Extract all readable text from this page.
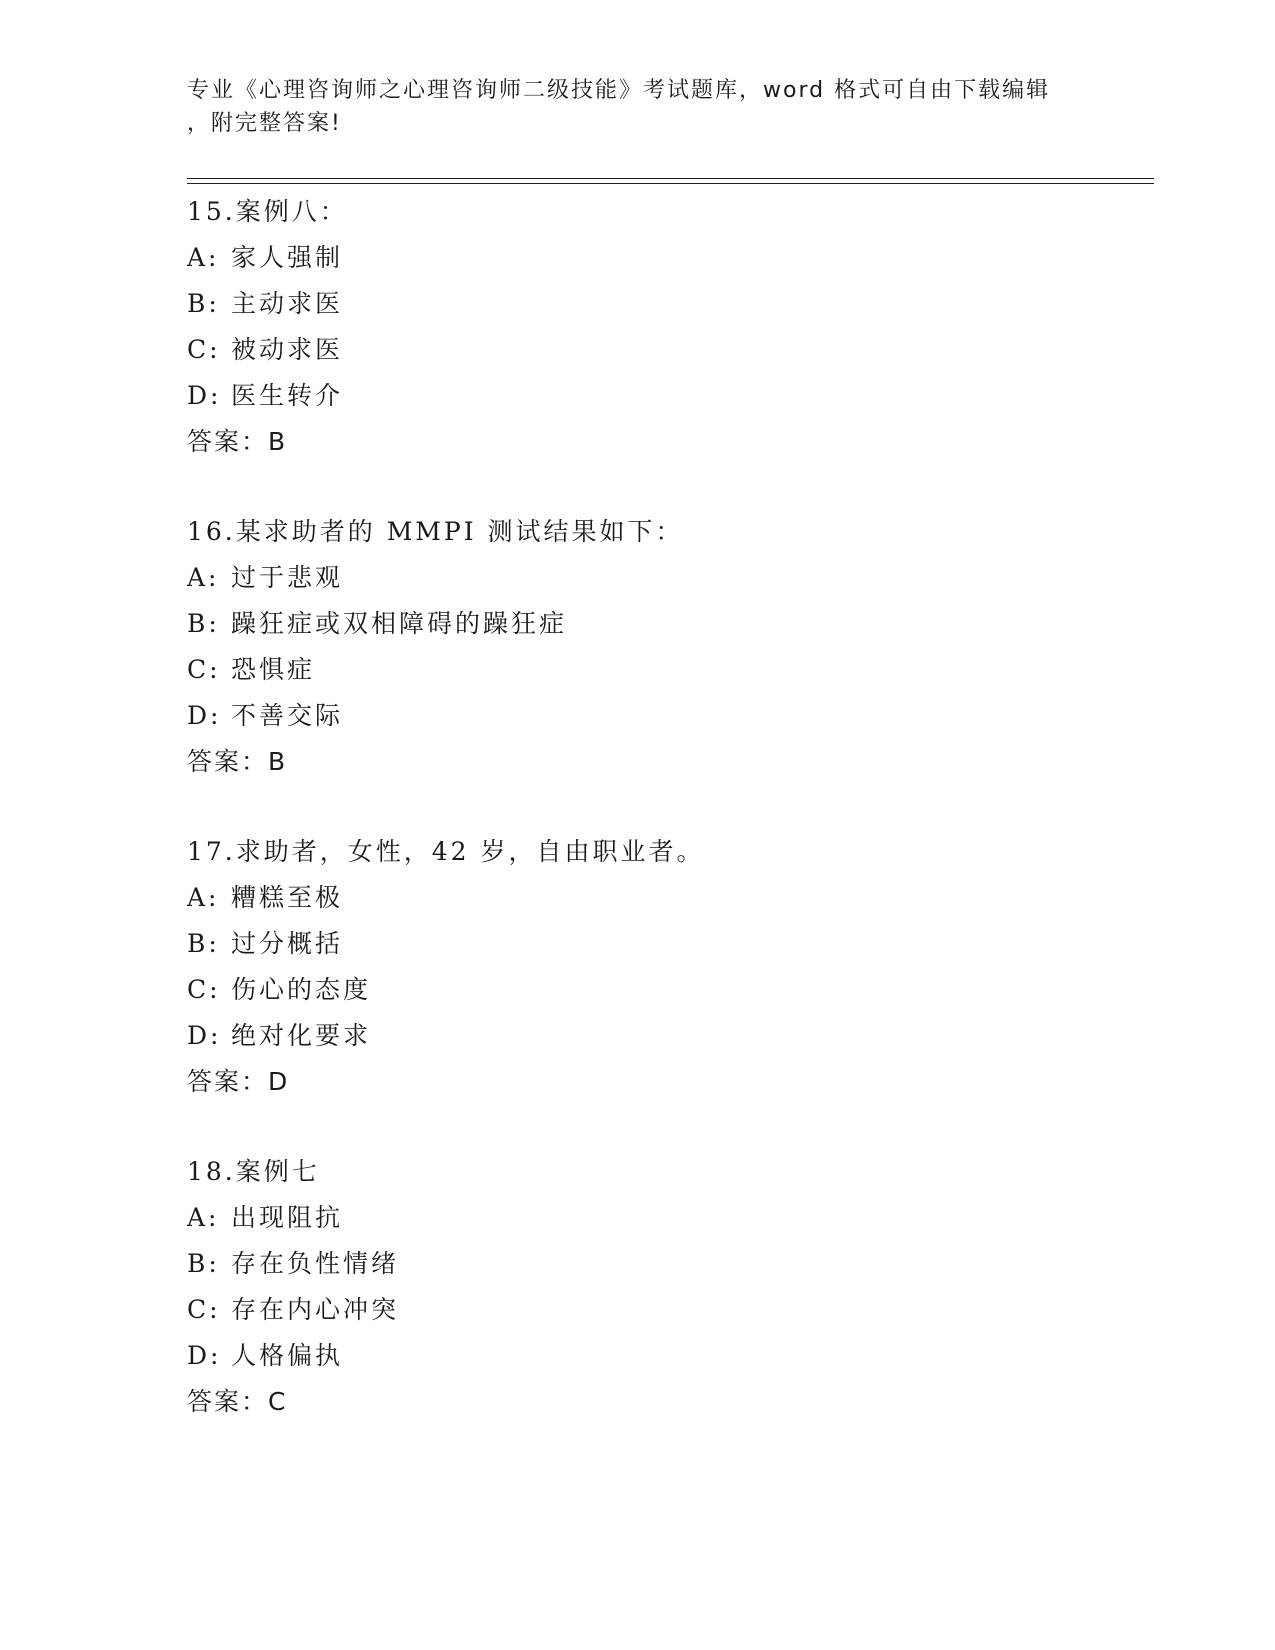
专业《心理咨询师之心理咨询师二级技能》考试题库，word 格式可自由下载编辑
，附完整答案!
15.案例八：
A: 家人强制
B: 主动求医
C: 被动求医
D: 医生转介
答案：B
16.某求助者的 MMPI 测试结果如下：
A: 过于悲观
B: 躁狂症或双相障碍的躁狂症
C: 恐惧症
D: 不善交际
答案：B
17.求助者，女性，42 岁，自由职业者。
A: 糟糕至极
B: 过分概括
C: 伤心的态度
D: 绝对化要求
答案：D
18.案例七
A: 出现阻抗
B: 存在负性情绪
C: 存在内心冲突
D: 人格偏执
答案：C
